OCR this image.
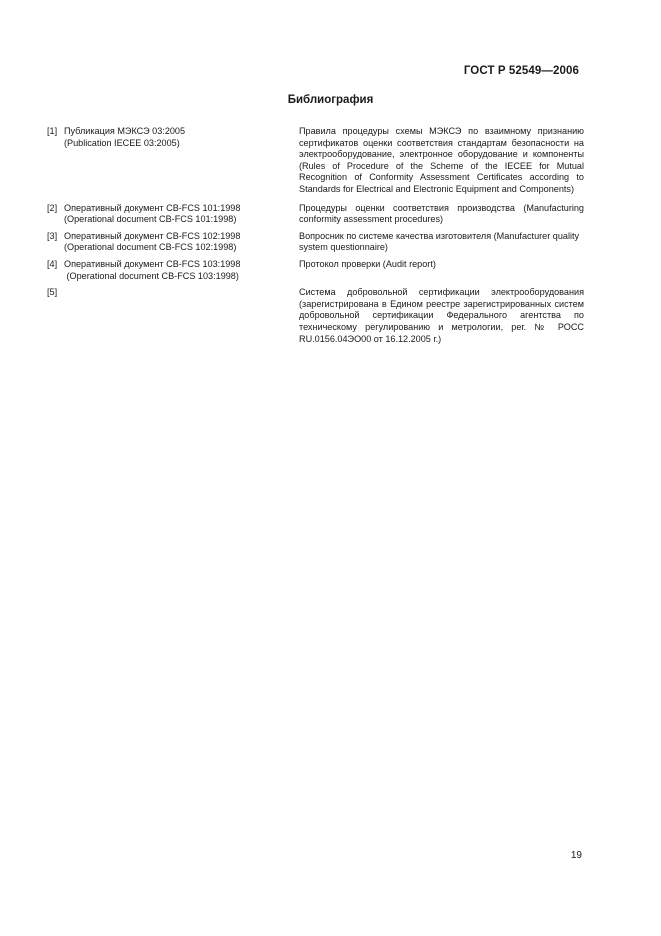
ГОСТ Р 52549—2006
Библиография
[1] Публикация МЭКСЭ 03:2005
(Publication IECEE 03:2005)
Правила процедуры схемы МЭКСЭ по взаимному признанию сертификатов оценки соответствия стандартам безопасности на электрооборудование, электронное оборудование и компоненты (Rules of Procedure of the Scheme of the IECEE for Mutual Recognition of Conformity Assessment Certificates according to Standards for Electrical and Electronic Equipment and Components)
[2] Оперативный документ CB-FCS 101:1998
(Operational document CB-FCS 101:1998)
Процедуры оценки соответствия производства (Manufacturing conformity assessment procedures)
[3] Оперативный документ CB-FCS 102:1998
(Operational document CB-FCS 102:1998)
Вопросник по системе качества изготовителя (Manufacturer quality system questionnaire)
[4] Оперативный документ CB-FCS 103:1998
(Operational document CB-FCS 103:1998)
Протокол проверки (Audit report)
[5]	Система добровольной сертификации электрооборудования (зарегистрирована в Едином реестре зарегистрированных систем добровольной сертификации Федерального агентства по техническому регулированию и метрологии, рег. № РОСС RU.0156.04ЭО00 от 16.12.2005 г.)
19
